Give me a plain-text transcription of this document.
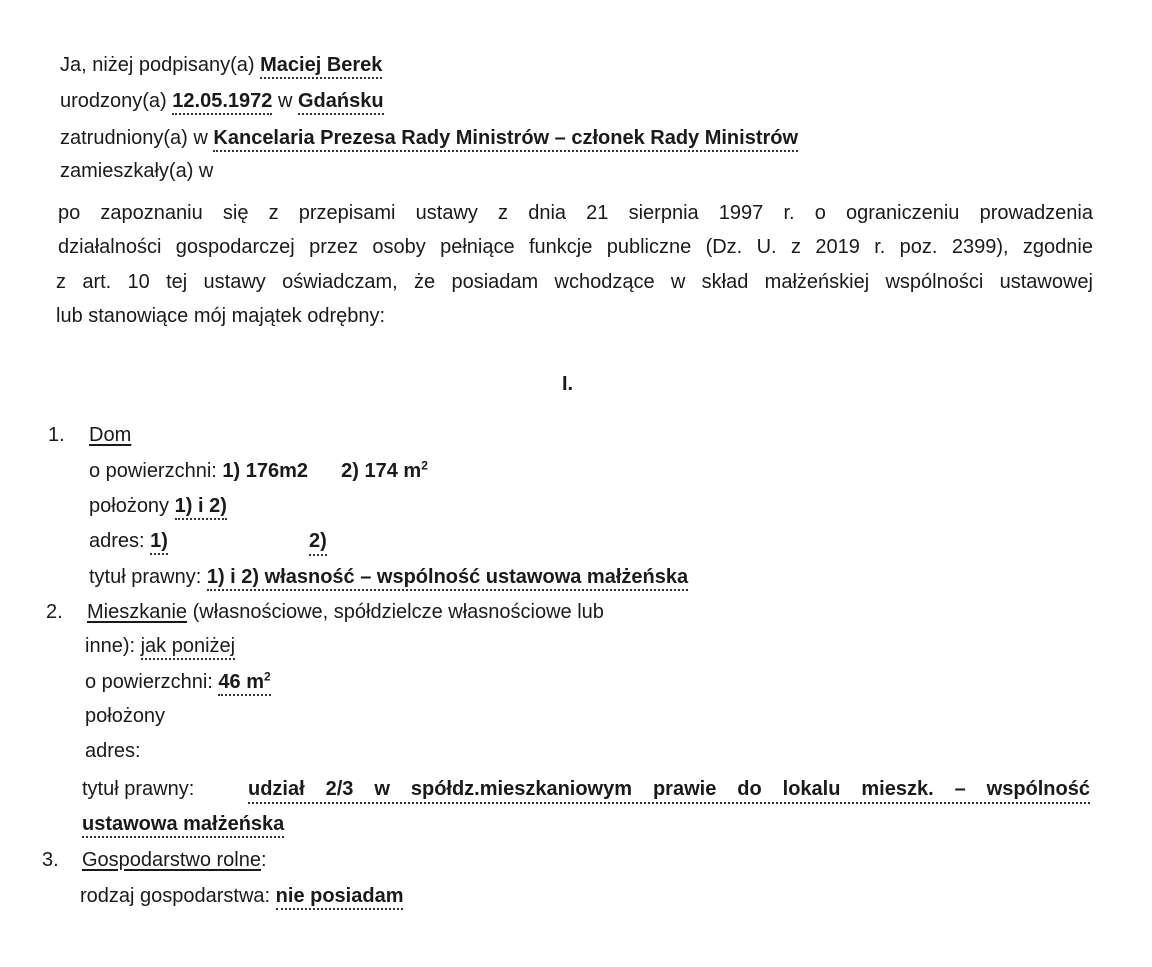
Ja, niżej podpisany(a) Maciej Berek
urodzony(a) 12.05.1972 w Gdańsku
zatrudniony(a) w Kancelaria Prezesa Rady Ministrów – członek Rady Ministrów
zamieszkały(a) w
po zapoznaniu się z przepisami ustawy z dnia 21 sierpnia 1997 r. o ograniczeniu prowadzenia
działalności gospodarczej przez osoby pełniące funkcje publiczne (Dz. U. z 2019 r. poz. 2399), zgodnie
z art. 10 tej ustawy oświadczam, że posiadam wchodzące w skład małżeńskiej wspólności ustawowej
lub stanowiące mój majątek odrębny:
I.
1. Dom
o powierzchni: 1) 176m2 2) 174 $m^2$
położony 1) i 2)
adres: 1)	2)
tytuł prawny: 1) i 2) własność – wspólność ustawowa małżeńska
2. Mieszkanie (własnościowe, spółdzielcze własnościowe lub
inne): jak poniżej
o powierzchni: 46 $m^2$
położony
adres:
tytuł prawny:	udział 2/3 w spółdz.mieszkaniowym prawie do lokalu mieszk. – wspólność
ustawowa małżeńska
3. Gospodarstwo rolne:
rodzaj gospodarstwa: nie posiadam
